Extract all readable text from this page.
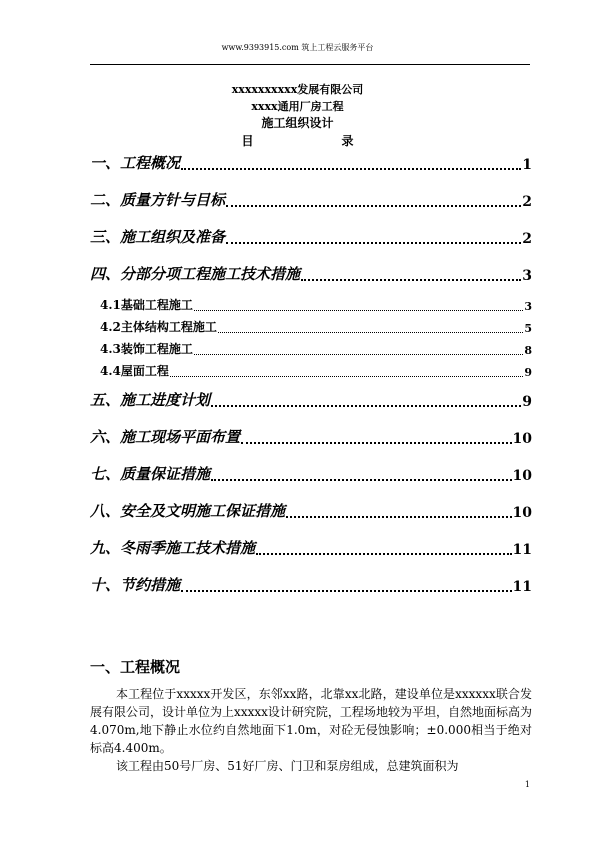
www.9393915.com 筑上工程云服务平台
xxxxxxxxxx发展有限公司
xxxx通用厂房工程
施工组织设计
目	录
一、工程概况	1
二、质量方针与目标	2
三、施工组织及准备	2
四、分部分项工程施工技术措施	3
4.1基础工程施工	3
4.2主体结构工程施工	5
4.3装饰工程施工	8
4.4屋面工程	9
五、施工进度计划	9
六、施工现场平面布置	10
七、质量保证措施	10
八、安全及文明施工保证措施	10
九、冬雨季施工技术措施	11
十、节约措施	11
一、工程概况

本工程位于xxxxx开发区，东邻xx路，北靠xx北路，建设单位是xxxxxx联合发展有限公司，设计单位为上xxxxx设计研究院，工程场地较为平坦，自然地面标高为4.070m,地下静止水位约自然地面下1.0m，对砼无侵蚀影响；±0.000相当于绝对标高4.400m。

该工程由50号厂房、51好厂房、门卫和泵房组成，总建筑面积为

1
